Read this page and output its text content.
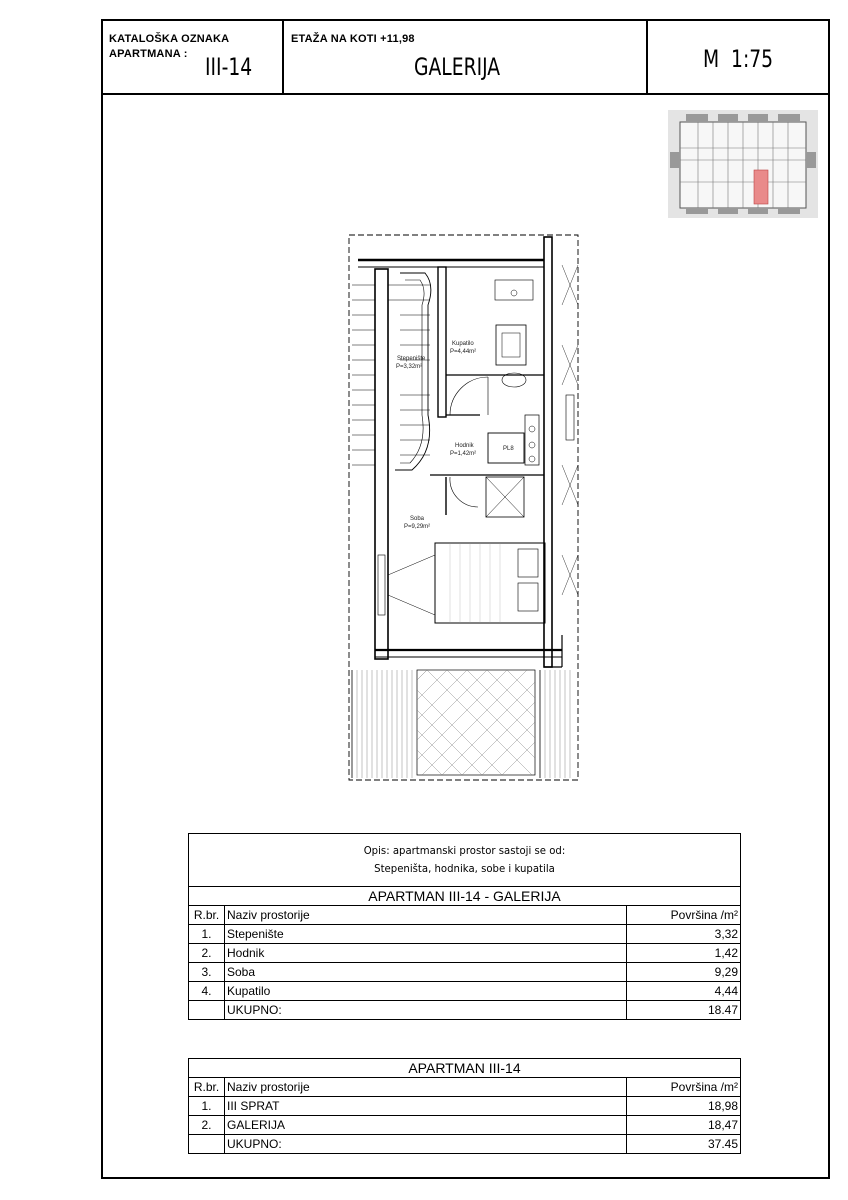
KATALOŠKA OZNAKA
APARTMANA : III-14
ETAŽA NA KOTI +11,98
GALERIJA	M  1:75
Stepenište
P=3,32m²
Kupatilo
P=4,44m²
Hodnik
P=1,42m²
Soba
P=9,29m²
PL8
Opis: apartmanski prostor sastoji se od:
Stepeništa, hodnika, sobe i kupatila
APARTMAN III-14 - GALERIJA		
R.br.	Naziv prostorije	Površina /m²
1.	Stepenište	3,32
2.	Hodnik	1,42
3.	Soba	9,29
4.	Kupatilo	4,44
	UKUPNO:	18.47
APARTMAN III-14		
R.br.	Naziv prostorije	Površina /m²
1.	III SPRAT	18,98
2.	GALERIJA	18,47
	UKUPNO:	37.45
